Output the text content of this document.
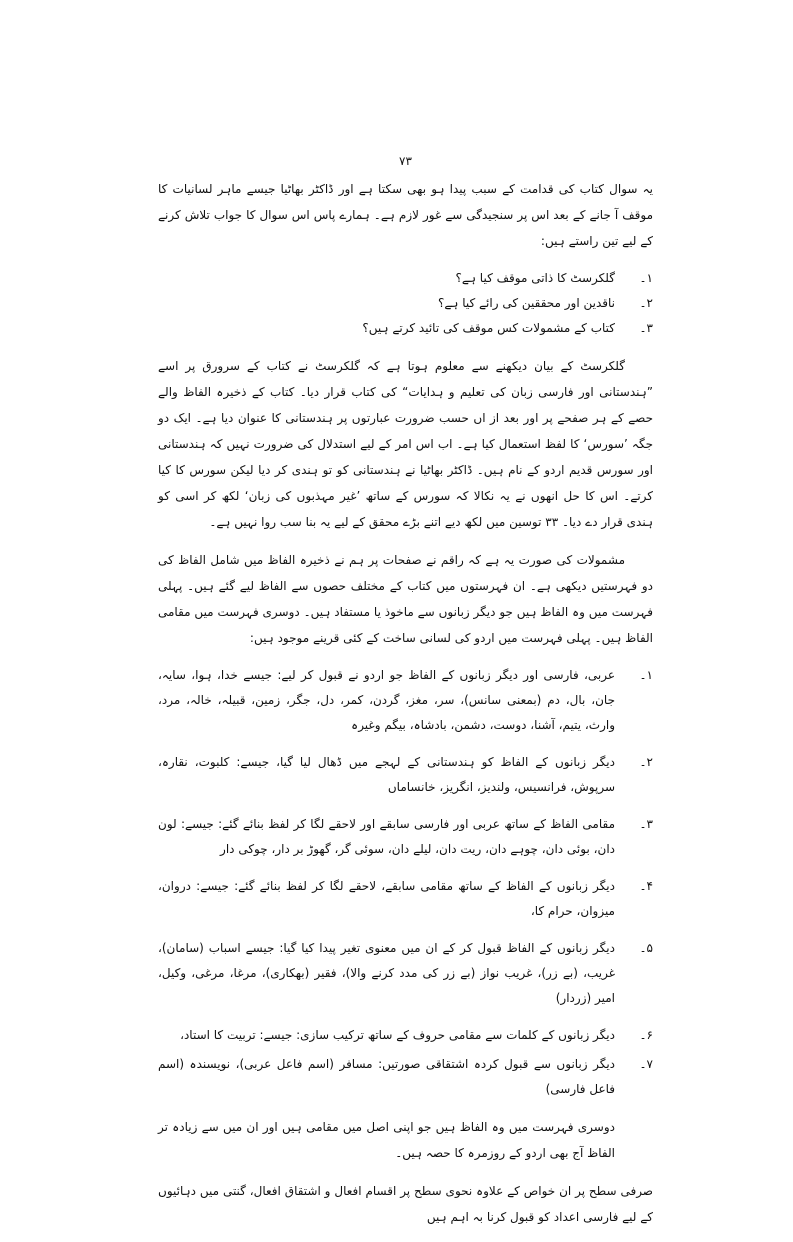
۷۳

یہ سوال کتاب کی قدامت کے سبب پیدا ہو بھی سکتا ہے اور ڈاکٹر بھاٹیا جیسے ماہر لسانیات کا موقف آ جانے کے بعد اس پر سنجیدگی سے غور لازم ہے۔ ہمارے پاس اس سوال کا جواب تلاش کرنے کے لیے تین راستے ہیں:

۱۔
گلکرسٹ کا ذاتی موقف کیا ہے؟
۲۔
ناقدین اور محققین کی رائے کیا ہے؟
۳۔
کتاب کے مشمولات کس موقف کی تائید کرتے ہیں؟

گلکرسٹ کے بیان دیکھنے سے معلوم ہوتا ہے کہ گلکرسٹ نے کتاب کے سرورق پر اسے ”ہندستانی اور فارسی زبان کی تعلیم و ہدایات“ کی کتاب قرار دیا۔ کتاب کے ذخیرہ الفاظ والے حصے کے ہر صفحے پر اور بعد از اں حسب ضرورت عبارتوں پر ہندستانی کا عنوان دیا ہے۔ ایک دو جگہ ’سورس‘ کا لفظ استعمال کیا ہے۔ اب اس امر کے لیے استدلال کی ضرورت نہیں کہ ہندستانی اور سورس قدیم اردو کے نام ہیں۔ ڈاکٹر بھاٹیا نے ہندستانی کو تو ہندی کر دیا لیکن سورس کا کیا کرتے۔ اس کا حل انھوں نے یہ نکالا کہ سورس کے ساتھ ’غیر مہذبوں کی زبان‘ لکھ کر اسی کو ہندی قرار دے دیا۔ ۳۳ توسین میں لکھ دیے اتنے بڑے محقق کے لیے یہ بنا سب روا نہیں ہے۔

مشمولات کی صورت یہ ہے کہ راقم نے صفحات پر ہم نے ذخیرہ الفاظ میں شامل الفاظ کی دو فہرستیں دیکھی ہے۔ ان فہرستوں میں کتاب کے مختلف حصوں سے الفاظ لیے گئے ہیں۔ پہلی فہرست میں وہ الفاظ ہیں جو دیگر زبانوں سے ماخوذ یا مستفاد ہیں۔ دوسری فہرست میں مقامی الفاظ ہیں۔ پہلی فہرست میں اردو کی لسانی ساخت کے کئی قرینے موجود ہیں:

۱۔
عربی، فارسی اور دیگر زبانوں کے الفاظ جو اردو نے قبول کر لیے: جیسے خدا، ہوا، سایہ، جان، بال، دم (بمعنی سانس)، سر، مغز، گردن، کمر، دل، جگر، زمین، قبیلہ، خالہ، مرد، وارث، یتیم، آشنا، دوست، دشمن، بادشاہ، بیگم وغیرہ
۲۔
دیگر زبانوں کے الفاظ کو ہندستانی کے لہجے میں ڈھال لیا گیا، جیسے: کلبوت، نقارہ، سرپوش، فرانسیس، ولندیز، انگریز، خانساماں
۳۔
مقامی الفاظ کے ساتھ عربی اور فارسی سابقے اور لاحقے لگا کر لفظ بنائے گئے: جیسے: لون دان، بوئی دان، چوہے دان، ریت دان، لیلے دان، سوئی گر، گھوڑ بر دار، چوکی دار
۴۔
دیگر زبانوں کے الفاظ کے ساتھ مقامی سابقے، لاحقے لگا کر لفظ بنائے گئے: جیسے: دروان، میزوان، حرام کا،
۵۔
دیگر زبانوں کے الفاظ قبول کر کے ان میں معنوی تغیر پیدا کیا گیا: جیسے اسباب (سامان)، غریب، (بے زر)، غریب نواز (بے زر کی مدد کرنے والا)، فقیر (بھکاری)، مرغا، مرغی، وکیل، امیر (زردار)
۶۔
دیگر زبانوں کے کلمات سے مقامی حروف کے ساتھ ترکیب سازی: جیسے: تربیت کا استاد،
۷۔
دیگر زبانوں سے قبول کردہ اشتقاقی صورتیں: مسافر (اسم فاعل عربی)، نویسندہ (اسم فاعل فارسی)

دوسری فہرست میں وہ الفاظ ہیں جو اپنی اصل میں مقامی ہیں اور ان میں سے زیادہ تر الفاظ آج بھی اردو کے روزمرہ کا حصہ ہیں۔

صرفی سطح پر ان خواص کے علاوہ نحوی سطح پر اقسام افعال و اشتقاق افعال، گنتی میں دہائیوں کے لیے فارسی اعداد کو قبول کرنا بہ اہم ہیں
